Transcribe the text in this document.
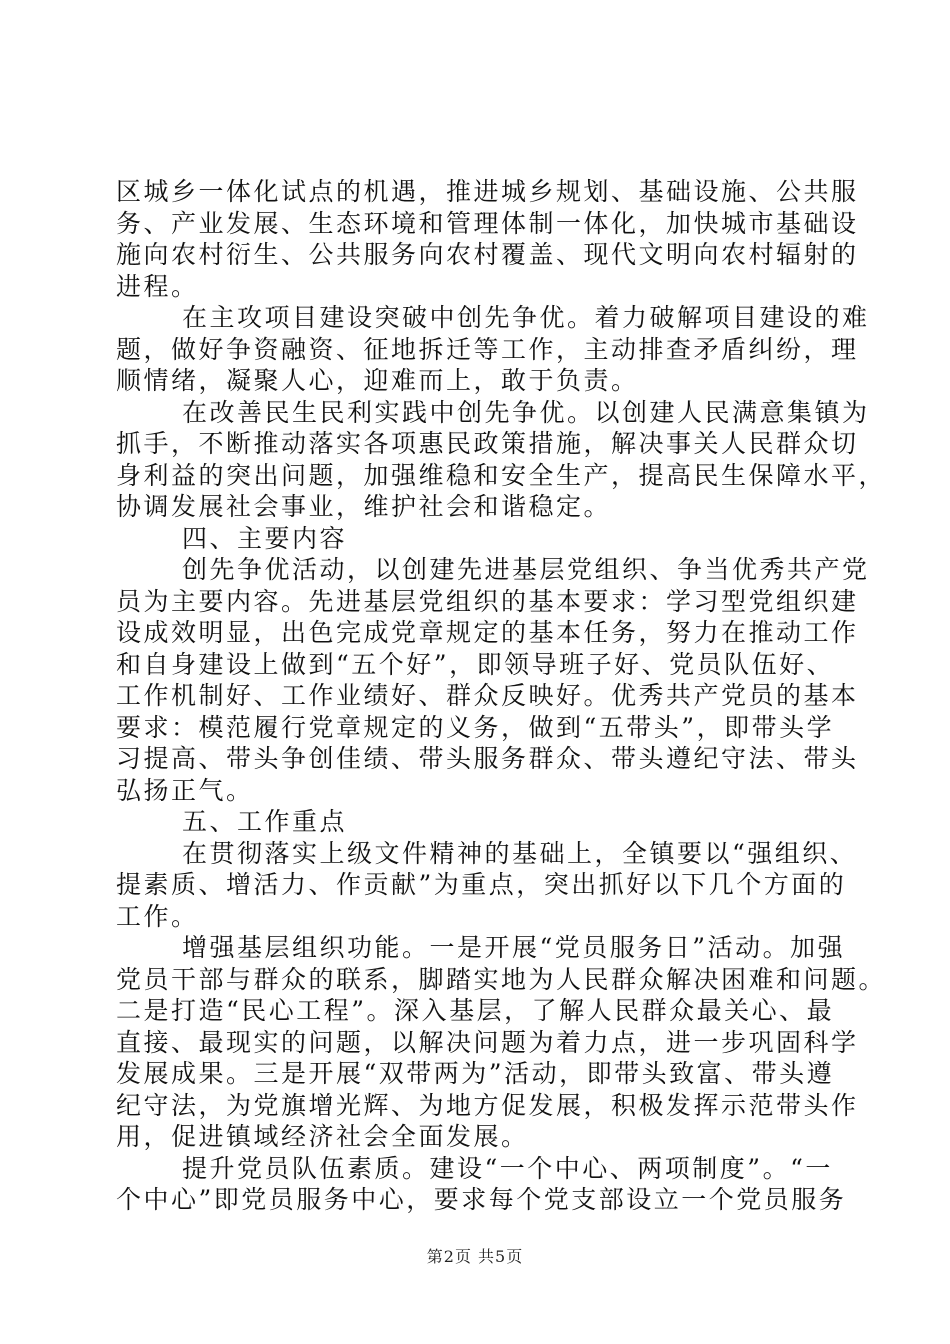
区城乡一体化试点的机遇，推进城乡规划、基础设施、公共服
务、产业发展、生态环境和管理体制一体化，加快城市基础设
施向农村衍生、公共服务向农村覆盖、现代文明向农村辐射的
进程。
在主攻项目建设突破中创先争优。着力破解项目建设的难
题，做好争资融资、征地拆迁等工作，主动排查矛盾纠纷，理
顺情绪，凝聚人心，迎难而上，敢于负责。
在改善民生民利实践中创先争优。以创建人民满意集镇为
抓手，不断推动落实各项惠民政策措施，解决事关人民群众切
身利益的突出问题，加强维稳和安全生产，提高民生保障水平，
协调发展社会事业，维护社会和谐稳定。
四、主要内容
创先争优活动，以创建先进基层党组织、争当优秀共产党
员为主要内容。先进基层党组织的基本要求：学习型党组织建
设成效明显，出色完成党章规定的基本任务，努力在推动工作
和自身建设上做到“五个好”，即领导班子好、党员队伍好、
工作机制好、工作业绩好、群众反映好。优秀共产党员的基本
要求：模范履行党章规定的义务，做到“五带头”，即带头学
习提高、带头争创佳绩、带头服务群众、带头遵纪守法、带头
弘扬正气。
五、工作重点
在贯彻落实上级文件精神的基础上，全镇要以“强组织、
提素质、增活力、作贡献”为重点，突出抓好以下几个方面的
工作。
增强基层组织功能。一是开展“党员服务日”活动。加强
党员干部与群众的联系，脚踏实地为人民群众解决困难和问题。
二是打造“民心工程”。深入基层，了解人民群众最关心、最
直接、最现实的问题，以解决问题为着力点，进一步巩固科学
发展成果。三是开展“双带两为”活动，即带头致富、带头遵
纪守法，为党旗增光辉、为地方促发展，积极发挥示范带头作
用，促进镇域经济社会全面发展。
提升党员队伍素质。建设“一个中心、两项制度”。“一
个中心”即党员服务中心，要求每个党支部设立一个党员服务
第2页 共5页
